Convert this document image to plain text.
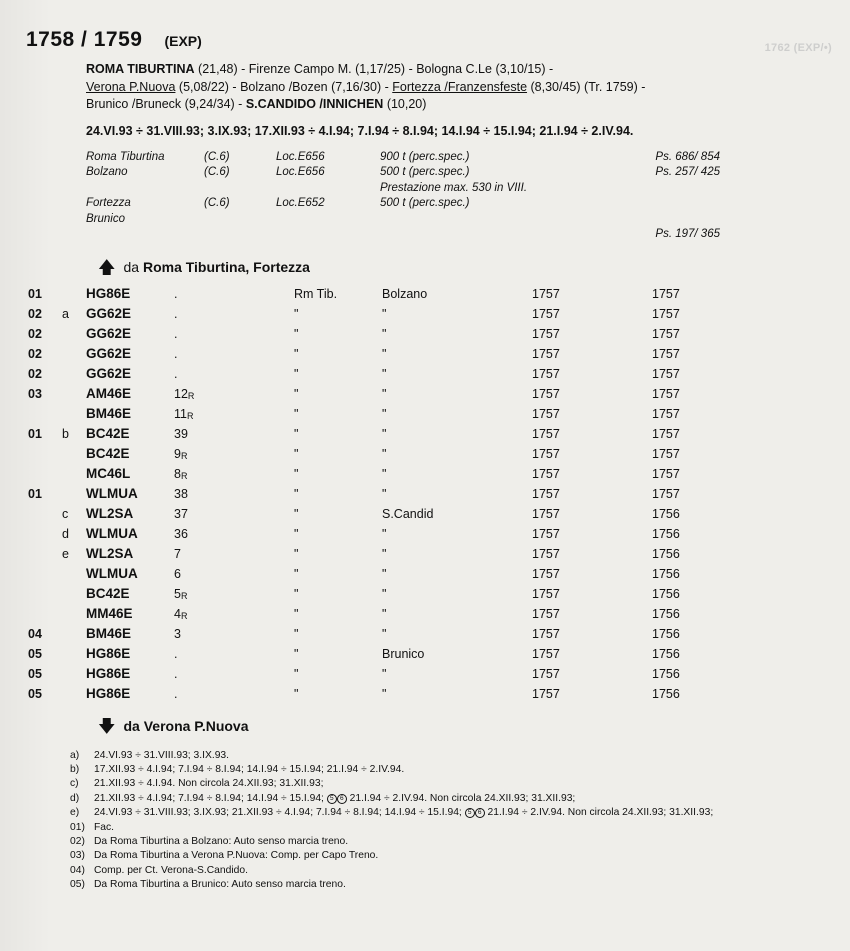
1762 (EXP/•)
1758 / 1759 (EXP)
ROMA TIBURTINA (21,48) - Firenze Campo M. (1,17/25) - Bologna C.Le (3,10/15) -
Verona P.Nuova (5,08/22) - Bolzano /Bozen (7,16/30) - Fortezza /Franzensfeste (8,30/45) (Tr. 1759) -
Brunico /Bruneck (9,24/34) - S.CANDIDO /INNICHEN (10,20)
24.VI.93 ÷ 31.VIII.93; 3.IX.93; 17.XII.93 ÷ 4.I.94; 7.I.94 ÷ 8.I.94; 14.I.94 ÷ 15.I.94; 21.I.94 ÷ 2.IV.94.
Roma Tiburtina	(C.6)	Loc.E656	900 t (perc.spec.)	Ps. 686/ 854
Bolzano	(C.6)	Loc.E656	500 t (perc.spec.)	Ps. 257/ 425
			Prestazione max. 530 in VIII.	
Fortezza	(C.6)	Loc.E652	500 t (perc.spec.)	
Brunico				
				Ps. 197/ 365
🡅 da Roma Tiburtina, Fortezza
01		HG86E	.	Rm Tib.	Bolzano	1757	1757
02	a	GG62E	.	"	"	1757	1757
02		GG62E	.	"	"	1757	1757
02		GG62E	.	"	"	1757	1757
02		GG62E	.	"	"	1757	1757
03		AM46E	12R	"	"	1757	1757
		BM46E	11R	"	"	1757	1757
01	b	BC42E	39	"	"	1757	1757
		BC42E	9R	"	"	1757	1757
		MC46L	8R	"	"	1757	1757
01		WLMUA	38	"	"	1757	1757
	c	WL2SA	37	"	S.Candid	1757	1756
	d	WLMUA	36	"	"	1757	1756
	e	WL2SA	7	"	"	1757	1756
		WLMUA	6	"	"	1757	1756
		BC42E	5R	"	"	1757	1756
		MM46E	4R	"	"	1757	1756
04		BM46E	3	"	"	1757	1756
05		HG86E	.	"	Brunico	1757	1756
05		HG86E	.	"	"	1757	1756
05		HG86E	.	"	"	1757	1756
🡇 da Verona P.Nuova
a)	24.VI.93 ÷ 31.VIII.93; 3.IX.93.
b)	17.XII.93 ÷ 4.I.94; 7.I.94 ÷ 8.I.94; 14.I.94 ÷ 15.I.94; 21.I.94 ÷ 2.IV.94.
c)	21.XII.93 ÷ 4.I.94. Non circola 24.XII.93; 31.XII.93;
d)	21.XII.93 ÷ 4.I.94; 7.I.94 ÷ 8.I.94; 14.I.94 ÷ 15.I.94; 5 6 21.I.94 ÷ 2.IV.94. Non circola 24.XII.93; 31.XII.93;
e)	24.VI.93 ÷ 31.VIII.93; 3.IX.93; 21.XII.93 ÷ 4.I.94; 7.I.94 ÷ 8.I.94; 14.I.94 ÷ 15.I.94; 5 6 21.I.94 ÷ 2.IV.94. Non circola 24.XII.93; 31.XII.93;
01) Fac.
02) Da Roma Tiburtina a Bolzano: Auto senso marcia treno.
03) Da Roma Tiburtina a Verona P.Nuova: Comp. per Capo Treno.
04) Comp. per Ct. Verona-S.Candido.
05) Da Roma Tiburtina a Brunico: Auto senso marcia treno.
